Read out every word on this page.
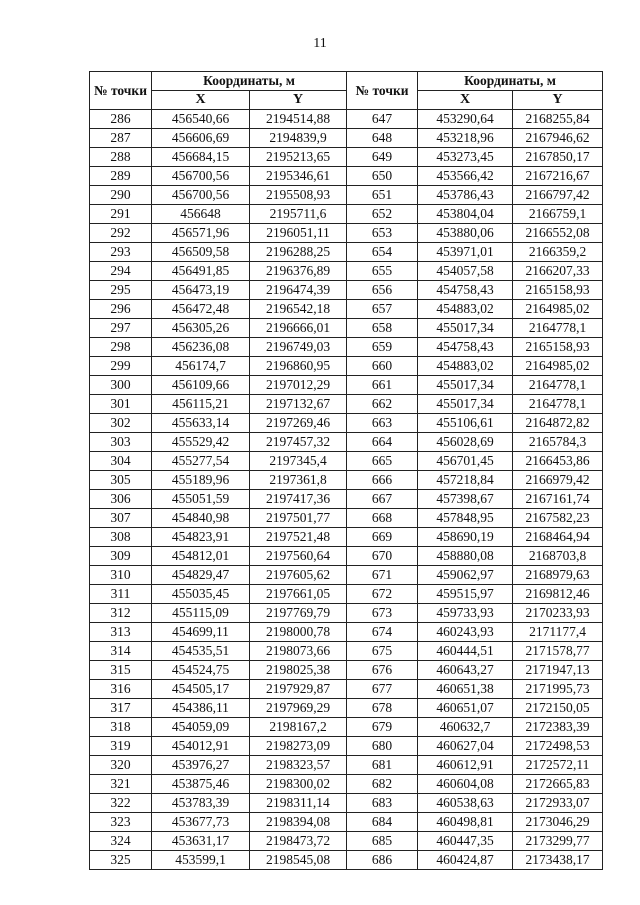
11
№ точки	Координаты, м		№ точки	Координаты, м	
	X	Y		X	Y
286	456540,66	2194514,88	647	453290,64	2168255,84
287	456606,69	2194839,9	648	453218,96	2167946,62
288	456684,15	2195213,65	649	453273,45	2167850,17
289	456700,56	2195346,61	650	453566,42	2167216,67
290	456700,56	2195508,93	651	453786,43	2166797,42
291	456648	2195711,6	652	453804,04	2166759,1
292	456571,96	2196051,11	653	453880,06	2166552,08
293	456509,58	2196288,25	654	453971,01	2166359,2
294	456491,85	2196376,89	655	454057,58	2166207,33
295	456473,19	2196474,39	656	454758,43	2165158,93
296	456472,48	2196542,18	657	454883,02	2164985,02
297	456305,26	2196666,01	658	455017,34	2164778,1
298	456236,08	2196749,03	659	454758,43	2165158,93
299	456174,7	2196860,95	660	454883,02	2164985,02
300	456109,66	2197012,29	661	455017,34	2164778,1
301	456115,21	2197132,67	662	455017,34	2164778,1
302	455633,14	2197269,46	663	455106,61	2164872,82
303	455529,42	2197457,32	664	456028,69	2165784,3
304	455277,54	2197345,4	665	456701,45	2166453,86
305	455189,96	2197361,8	666	457218,84	2166979,42
306	455051,59	2197417,36	667	457398,67	2167161,74
307	454840,98	2197501,77	668	457848,95	2167582,23
308	454823,91	2197521,48	669	458690,19	2168464,94
309	454812,01	2197560,64	670	458880,08	2168703,8
310	454829,47	2197605,62	671	459062,97	2168979,63
311	455035,45	2197661,05	672	459515,97	2169812,46
312	455115,09	2197769,79	673	459733,93	2170233,93
313	454699,11	2198000,78	674	460243,93	2171177,4
314	454535,51	2198073,66	675	460444,51	2171578,77
315	454524,75	2198025,38	676	460643,27	2171947,13
316	454505,17	2197929,87	677	460651,38	2171995,73
317	454386,11	2197969,29	678	460651,07	2172150,05
318	454059,09	2198167,2	679	460632,7	2172383,39
319	454012,91	2198273,09	680	460627,04	2172498,53
320	453976,27	2198323,57	681	460612,91	2172572,11
321	453875,46	2198300,02	682	460604,08	2172665,83
322	453783,39	2198311,14	683	460538,63	2172933,07
323	453677,73	2198394,08	684	460498,81	2173046,29
324	453631,17	2198473,72	685	460447,35	2173299,77
325	453599,1	2198545,08	686	460424,87	2173438,17
